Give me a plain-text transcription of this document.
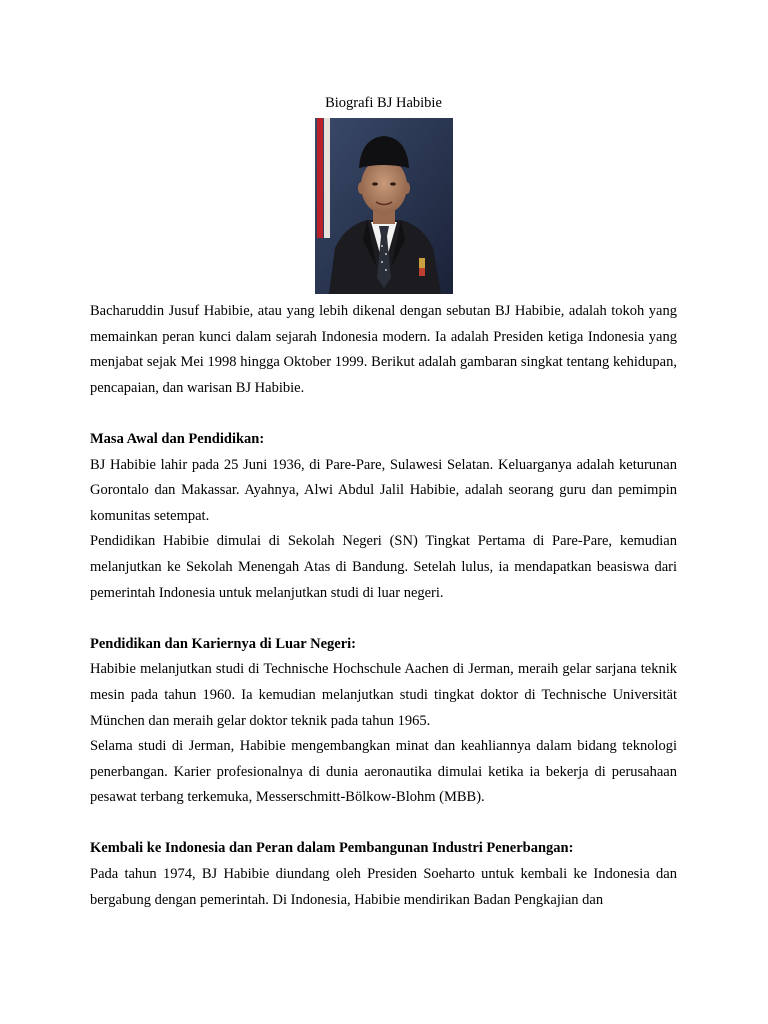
Biografi BJ Habibie

Bacharuddin Jusuf Habibie, atau yang lebih dikenal dengan sebutan BJ Habibie, adalah tokoh yang memainkan peran kunci dalam sejarah Indonesia modern. Ia adalah Presiden ketiga Indonesia yang menjabat sejak Mei 1998 hingga Oktober 1999. Berikut adalah gambaran singkat tentang kehidupan, pencapaian, dan warisan BJ Habibie.

Masa Awal dan Pendidikan:

BJ Habibie lahir pada 25 Juni 1936, di Pare-Pare, Sulawesi Selatan. Keluarganya adalah keturunan Gorontalo dan Makassar. Ayahnya, Alwi Abdul Jalil Habibie, adalah seorang guru dan pemimpin komunitas setempat.

Pendidikan Habibie dimulai di Sekolah Negeri (SN) Tingkat Pertama di Pare-Pare, kemudian melanjutkan ke Sekolah Menengah Atas di Bandung. Setelah lulus, ia mendapatkan beasiswa dari pemerintah Indonesia untuk melanjutkan studi di luar negeri.

Pendidikan dan Kariernya di Luar Negeri:

Habibie melanjutkan studi di Technische Hochschule Aachen di Jerman, meraih gelar sarjana teknik mesin pada tahun 1960. Ia kemudian melanjutkan studi tingkat doktor di Technische Universität München dan meraih gelar doktor teknik pada tahun 1965.

Selama studi di Jerman, Habibie mengembangkan minat dan keahliannya dalam bidang teknologi penerbangan. Karier profesionalnya di dunia aeronautika dimulai ketika ia bekerja di perusahaan pesawat terbang terkemuka, Messerschmitt-Bölkow-Blohm (MBB).

Kembali ke Indonesia dan Peran dalam Pembangunan Industri Penerbangan:

Pada tahun 1974, BJ Habibie diundang oleh Presiden Soeharto untuk kembali ke Indonesia dan bergabung dengan pemerintah. Di Indonesia, Habibie mendirikan Badan Pengkajian dan
